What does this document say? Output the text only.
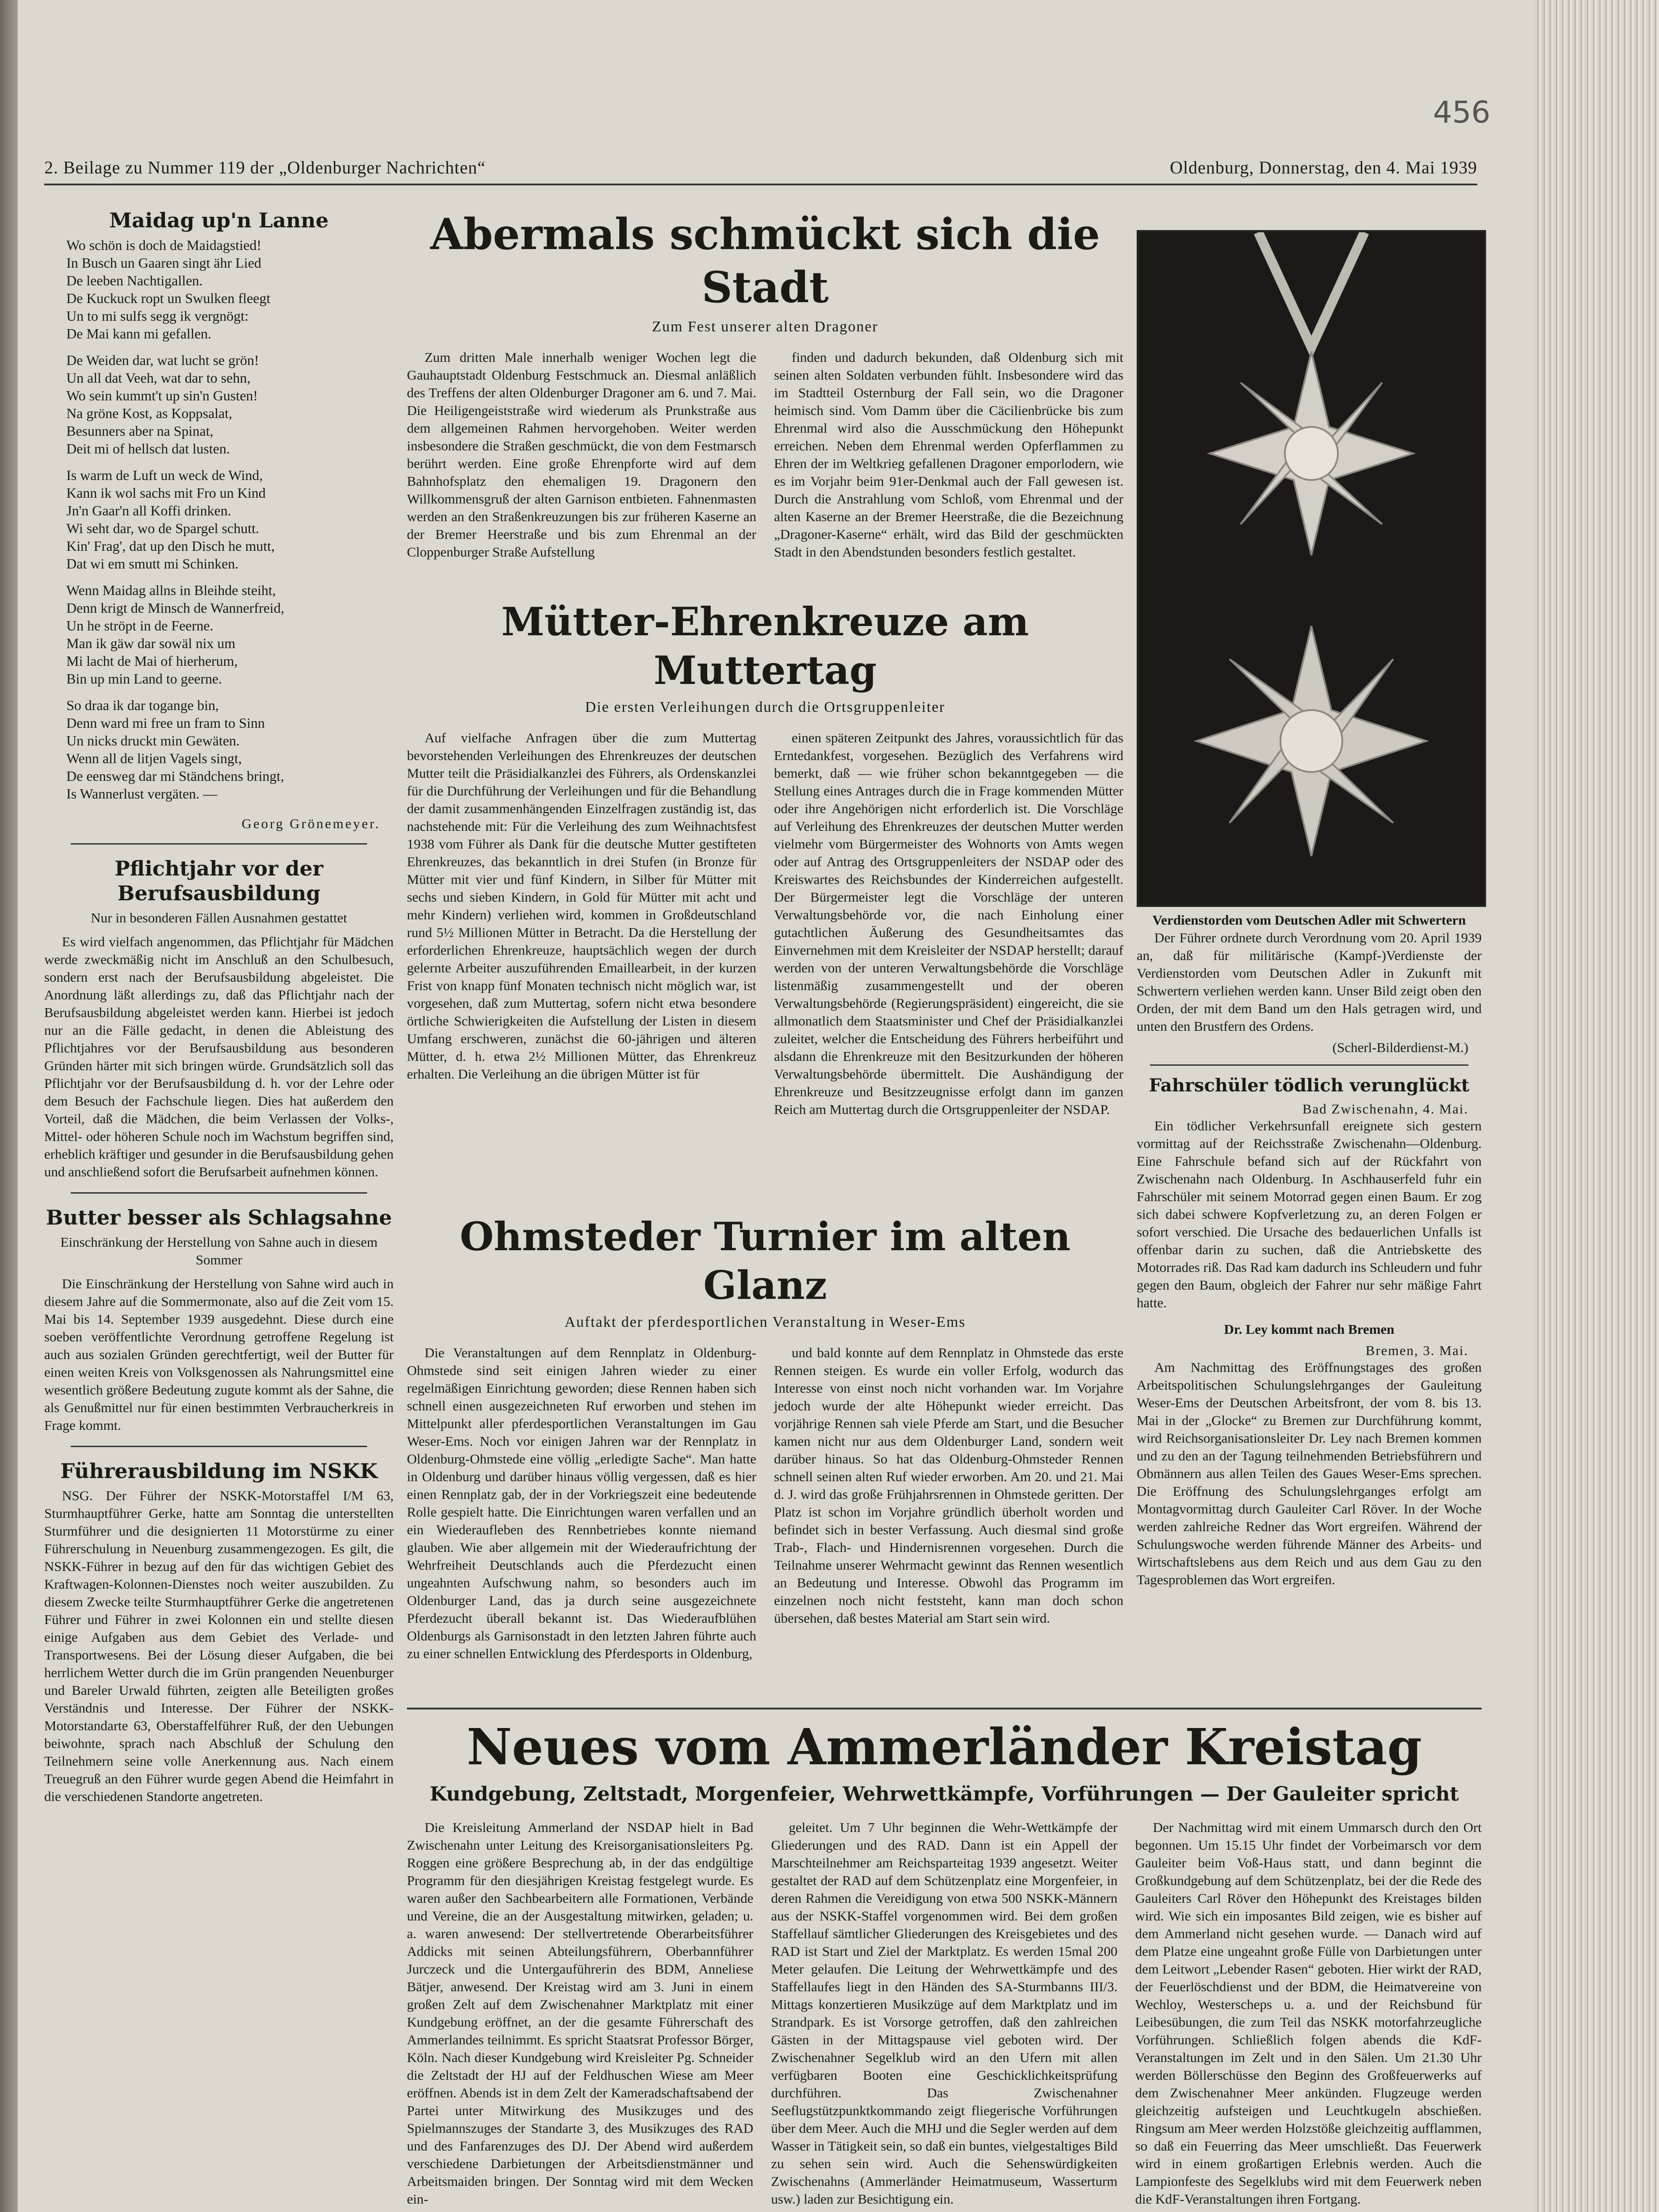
456
2. Beilage zu Nummer 119 der „Oldenburger Nachrichten“	Oldenburg, Donnerstag, den 4. Mai 1939

Maidag up'n Lanne

Wo schön is doch de Maidagstied!

In Busch un Gaaren singt ähr Lied

De leeben Nachtigallen.

De Kuckuck ropt un Swulken fleegt

Un to mi sulfs segg ik vergnögt:

De Mai kann mi gefallen.

De Weiden dar, wat lucht se grön!

Un all dat Veeh, wat dar to sehn,

Wo sein kummt't up sin'n Gusten!

Na gröne Kost, as Koppsalat,

Besunners aber na Spinat,

Deit mi of hellsch dat lusten.

Is warm de Luft un weck de Wind,

Kann ik wol sachs mit Fro un Kind

Jn'n Gaar'n all Koffi drinken.

Wi seht dar, wo de Spargel schutt.

Kin' Frag', dat up den Disch he mutt,

Dat wi em smutt mi Schinken.

Wenn Maidag allns in Bleihde steiht,

Denn krigt de Minsch de Wannerfreid,

Un he ströpt in de Feerne.

Man ik gäw dar sowäl nix um

Mi lacht de Mai of hierherum,

Bin up min Land to geerne.

So draa ik dar togange bin,

Denn ward mi free un fram to Sinn

Un nicks druckt min Gewäten.

Wenn all de litjen Vagels singt,

De eensweg dar mi Ständchens bringt,

Is Wannerlust vergäten. —

Georg Grönemeyer.

Pflichtjahr vor der Berufsausbildung

Nur in besonderen Fällen Ausnahmen gestattet

Es wird vielfach angenommen, das Pflichtjahr für Mädchen werde zweckmäßig nicht im Anschluß an den Schulbesuch, sondern erst nach der Berufsausbildung abgeleistet. Die Anordnung läßt allerdings zu, daß das Pflichtjahr nach der Berufsausbildung abgeleistet werden kann. Hierbei ist jedoch nur an die Fälle gedacht, in denen die Ableistung des Pflichtjahres vor der Berufsausbildung aus besonderen Gründen härter mit sich bringen würde. Grundsätzlich soll das Pflichtjahr vor der Berufsausbildung d. h. vor der Lehre oder dem Besuch der Fachschule liegen. Dies hat außerdem den Vorteil, daß die Mädchen, die beim Verlassen der Volks-, Mittel- oder höheren Schule noch im Wachstum begriffen sind, erheblich kräftiger und gesunder in die Berufsausbildung gehen und anschließend sofort die Berufsarbeit aufnehmen können.

Butter besser als Schlagsahne

Einschränkung der Herstellung von Sahne auch in diesem Sommer

Die Einschränkung der Herstellung von Sahne wird auch in diesem Jahre auf die Sommermonate, also auf die Zeit vom 15. Mai bis 14. September 1939 ausgedehnt. Diese durch eine soeben veröffentlichte Verordnung getroffene Regelung ist auch aus sozialen Gründen gerechtfertigt, weil der Butter für einen weiten Kreis von Volksgenossen als Nahrungsmittel eine wesentlich größere Bedeutung zugute kommt als der Sahne, die als Genußmittel nur für einen bestimmten Verbraucherkreis in Frage kommt.

Führerausbildung im NSKK

NSG. Der Führer der NSKK-Motorstaffel I/M 63, Sturmhauptführer Gerke, hatte am Sonntag die unterstellten Sturmführer und die designierten 11 Motorstürme zu einer Führerschulung in Neuenburg zusammengezogen. Es gilt, die NSKK-Führer in bezug auf den für das wichtigen Gebiet des Kraftwagen-Kolonnen-Dienstes noch weiter auszubilden. Zu diesem Zwecke teilte Sturmhauptführer Gerke die angetretenen Führer und Führer in zwei Kolonnen ein und stellte diesen einige Aufgaben aus dem Gebiet des Verlade- und Transportwesens. Bei der Lösung dieser Aufgaben, die bei herrlichem Wetter durch die im Grün prangenden Neuenburger und Bareler Urwald führten, zeigten alle Beteiligten großes Verständnis und Interesse. Der Führer der NSKK-Motorstandarte 63, Oberstaffelführer Ruß, der den Uebungen beiwohnte, sprach nach Abschluß der Schulung den Teilnehmern seine volle Anerkennung aus. Nach einem Treuegruß an den Führer wurde gegen Abend die Heimfahrt in die verschiedenen Standorte angetreten.

Abermals schmückt sich die Stadt

Zum Fest unserer alten Dragoner

Zum dritten Male innerhalb weniger Wochen legt die Gauhauptstadt Oldenburg Festschmuck an. Diesmal anläßlich des Treffens der alten Oldenburger Dragoner am 6. und 7. Mai. Die Heiligengeiststraße wird wiederum als Prunkstraße aus dem allgemeinen Rahmen hervorgehoben. Weiter werden insbesondere die Straßen geschmückt, die von dem Festmarsch berührt werden. Eine große Ehrenpforte wird auf dem Bahnhofsplatz den ehemaligen 19. Dragonern den Willkommensgruß der alten Garnison entbieten. Fahnenmasten werden an den Straßenkreuzungen bis zur früheren Kaserne an der Bremer Heerstraße und bis zum Ehrenmal an der Cloppenburger Straße Aufstellung

finden und dadurch bekunden, daß Oldenburg sich mit seinen alten Soldaten verbunden fühlt. Insbesondere wird das im Stadtteil Osternburg der Fall sein, wo die Dragoner heimisch sind. Vom Damm über die Cäcilienbrücke bis zum Ehrenmal wird also die Ausschmückung den Höhepunkt erreichen. Neben dem Ehrenmal werden Opferflammen zu Ehren der im Weltkrieg gefallenen Dragoner emporlodern, wie es im Vorjahr beim 91er-Denkmal auch der Fall gewesen ist. Durch die Anstrahlung vom Schloß, vom Ehrenmal und der alten Kaserne an der Bremer Heerstraße, die die Bezeichnung „Dragoner-Kaserne“ erhält, wird das Bild der geschmückten Stadt in den Abendstunden besonders festlich gestaltet.

Mütter-Ehrenkreuze am Muttertag

Die ersten Verleihungen durch die Ortsgruppenleiter

Auf vielfache Anfragen über die zum Muttertag bevorstehenden Verleihungen des Ehrenkreuzes der deutschen Mutter teilt die Präsidialkanzlei des Führers, als Ordenskanzlei für die Durchführung der Verleihungen und für die Behandlung der damit zusammenhängenden Einzelfragen zuständig ist, das nachstehende mit: Für die Verleihung des zum Weihnachtsfest 1938 vom Führer als Dank für die deutsche Mutter gestifteten Ehrenkreuzes, das bekanntlich in drei Stufen (in Bronze für Mütter mit vier und fünf Kindern, in Silber für Mütter mit sechs und sieben Kindern, in Gold für Mütter mit acht und mehr Kindern) verliehen wird, kommen in Großdeutschland rund 5½ Millionen Mütter in Betracht. Da die Herstellung der erforderlichen Ehrenkreuze, hauptsächlich wegen der durch gelernte Arbeiter auszuführenden Emaillearbeit, in der kurzen Frist von knapp fünf Monaten technisch nicht möglich war, ist vorgesehen, daß zum Muttertag, sofern nicht etwa besondere örtliche Schwierigkeiten die Aufstellung der Listen in diesem Umfang erschweren, zunächst die 60-jährigen und älteren Mütter, d. h. etwa 2½ Millionen Mütter, das Ehrenkreuz erhalten. Die Verleihung an die übrigen Mütter ist für

einen späteren Zeitpunkt des Jahres, voraussichtlich für das Erntedankfest, vorgesehen. Bezüglich des Verfahrens wird bemerkt, daß — wie früher schon bekanntgegeben — die Stellung eines Antrages durch die in Frage kommenden Mütter oder ihre Angehörigen nicht erforderlich ist. Die Vorschläge auf Verleihung des Ehrenkreuzes der deutschen Mutter werden vielmehr vom Bürgermeister des Wohnorts von Amts wegen oder auf Antrag des Ortsgruppenleiters der NSDAP oder des Kreiswartes des Reichsbundes der Kinderreichen aufgestellt. Der Bürgermeister legt die Vorschläge der unteren Verwaltungsbehörde vor, die nach Einholung einer gutachtlichen Äußerung des Gesundheitsamtes das Einvernehmen mit dem Kreisleiter der NSDAP herstellt; darauf werden von der unteren Verwaltungsbehörde die Vorschläge listenmäßig zusammengestellt und der oberen Verwaltungsbehörde (Regierungspräsident) eingereicht, die sie allmonatlich dem Staatsminister und Chef der Präsidialkanzlei zuleitet, welcher die Entscheidung des Führers herbeiführt und alsdann die Ehrenkreuze mit den Besitzurkunden der höheren Verwaltungsbehörde übermittelt. Die Aushändigung der Ehrenkreuze und Besitzzeugnisse erfolgt dann im ganzen Reich am Muttertag durch die Ortsgruppenleiter der NSDAP.

Ohmsteder Turnier im alten Glanz

Auftakt der pferdesportlichen Veranstaltung in Weser-Ems

Die Veranstaltungen auf dem Rennplatz in Oldenburg-Ohmstede sind seit einigen Jahren wieder zu einer regelmäßigen Einrichtung geworden; diese Rennen haben sich schnell einen ausgezeichneten Ruf erworben und stehen im Mittelpunkt aller pferdesportlichen Veranstaltungen im Gau Weser-Ems. Noch vor einigen Jahren war der Rennplatz in Oldenburg-Ohmstede eine völlig „erledigte Sache“. Man hatte in Oldenburg und darüber hinaus völlig vergessen, daß es hier einen Rennplatz gab, der in der Vorkriegszeit eine bedeutende Rolle gespielt hatte. Die Einrichtungen waren verfallen und an ein Wiederaufleben des Rennbetriebes konnte niemand glauben. Wie aber allgemein mit der Wiederaufrichtung der Wehrfreiheit Deutschlands auch die Pferdezucht einen ungeahnten Aufschwung nahm, so besonders auch im Oldenburger Land, das ja durch seine ausgezeichnete Pferdezucht überall bekannt ist. Das Wiederaufblühen Oldenburgs als Garnisonstadt in den letzten Jahren führte auch zu einer schnellen Entwicklung des Pferdesports in Oldenburg,

und bald konnte auf dem Rennplatz in Ohmstede das erste Rennen steigen. Es wurde ein voller Erfolg, wodurch das Interesse von einst noch nicht vorhanden war. Im Vorjahre jedoch wurde der alte Höhepunkt wieder erreicht. Das vorjährige Rennen sah viele Pferde am Start, und die Besucher kamen nicht nur aus dem Oldenburger Land, sondern weit darüber hinaus. So hat das Oldenburg-Ohmsteder Rennen schnell seinen alten Ruf wieder erworben. Am 20. und 21. Mai d. J. wird das große Frühjahrsrennen in Ohmstede geritten. Der Platz ist schon im Vorjahre gründlich überholt worden und befindet sich in bester Verfassung. Auch diesmal sind große Trab-, Flach- und Hindernisrennen vorgesehen. Durch die Teilnahme unserer Wehrmacht gewinnt das Rennen wesentlich an Bedeutung und Interesse. Obwohl das Programm im einzelnen noch nicht feststeht, kann man doch schon übersehen, daß bestes Material am Start sein wird.

Verdienstorden vom Deutschen Adler mit Schwertern

Der Führer ordnete durch Verordnung vom 20. April 1939 an, daß für militärische (Kampf-)Verdienste der Verdienstorden vom Deutschen Adler in Zukunft mit Schwertern verliehen werden kann. Unser Bild zeigt oben den Orden, der mit dem Band um den Hals getragen wird, und unten den Brustfern des Ordens.

(Scherl-Bilderdienst-M.)

Fahrschüler tödlich verunglückt

Bad Zwischenahn, 4. Mai.

Ein tödlicher Verkehrsunfall ereignete sich gestern vormittag auf der Reichsstraße Zwischenahn—Oldenburg. Eine Fahrschule befand sich auf der Rückfahrt von Zwischenahn nach Oldenburg. In Aschhauserfeld fuhr ein Fahrschüler mit seinem Motorrad gegen einen Baum. Er zog sich dabei schwere Kopfverletzung zu, an deren Folgen er sofort verschied. Die Ursache des bedauerlichen Unfalls ist offenbar darin zu suchen, daß die Antriebskette des Motorrades riß. Das Rad kam dadurch ins Schleudern und fuhr gegen den Baum, obgleich der Fahrer nur sehr mäßige Fahrt hatte.

Dr. Ley kommt nach Bremen

Bremen, 3. Mai.

Am Nachmittag des Eröffnungstages des großen Arbeitspolitischen Schulungslehrganges der Gauleitung Weser-Ems der Deutschen Arbeitsfront, der vom 8. bis 13. Mai in der „Glocke“ zu Bremen zur Durchführung kommt, wird Reichsorganisationsleiter Dr. Ley nach Bremen kommen und zu den an der Tagung teilnehmenden Betriebsführern und Obmännern aus allen Teilen des Gaues Weser-Ems sprechen. Die Eröffnung des Schulungslehrganges erfolgt am Montagvormittag durch Gauleiter Carl Röver. In der Woche werden zahlreiche Redner das Wort ergreifen. Während der Schulungswoche werden führende Männer des Arbeits- und Wirtschaftslebens aus dem Reich und aus dem Gau zu den Tagesproblemen das Wort ergreifen.

Neues vom Ammerländer Kreistag

Kundgebung, Zeltstadt, Morgenfeier, Wehrwettkämpfe, Vorführungen — Der Gauleiter spricht

Die Kreisleitung Ammerland der NSDAP hielt in Bad Zwischenahn unter Leitung des Kreisorganisationsleiters Pg. Roggen eine größere Besprechung ab, in der das endgültige Programm für den diesjährigen Kreistag festgelegt wurde. Es waren außer den Sachbearbeitern alle Formationen, Verbände und Vereine, die an der Ausgestaltung mitwirken, geladen; u. a. waren anwesend: Der stellvertretende Oberarbeitsführer Addicks mit seinen Abteilungsführern, Oberbannführer Jurczeck und die Untergauführerin des BDM, Anneliese Bätjer, anwesend. Der Kreistag wird am 3. Juni in einem großen Zelt auf dem Zwischenahner Marktplatz mit einer Kundgebung eröffnet, an der die gesamte Führerschaft des Ammerlandes teilnimmt. Es spricht Staatsrat Professor Börger, Köln. Nach dieser Kundgebung wird Kreisleiter Pg. Schneider die Zeltstadt der HJ auf der Feldhuschen Wiese am Meer eröffnen. Abends ist in dem Zelt der Kameradschaftsabend der Partei unter Mitwirkung des Musikzuges und des Spielmannszuges der Standarte 3, des Musikzuges des RAD und des Fanfarenzuges des DJ. Der Abend wird außerdem verschiedene Darbietungen der Arbeitsdienstmänner und Arbeitsmaiden bringen. Der Sonntag wird mit dem Wecken ein-

geleitet. Um 7 Uhr beginnen die Wehr-Wettkämpfe der Gliederungen und des RAD. Dann ist ein Appell der Marschteilnehmer am Reichsparteitag 1939 angesetzt. Weiter gestaltet der RAD auf dem Schützenplatz eine Morgenfeier, in deren Rahmen die Vereidigung von etwa 500 NSKK-Männern aus der NSKK-Staffel vorgenommen wird. Bei dem großen Staffellauf sämtlicher Gliederungen des Kreisgebietes und des RAD ist Start und Ziel der Marktplatz. Es werden 15mal 200 Meter gelaufen. Die Leitung der Wehrwettkämpfe und des Staffellaufes liegt in den Händen des SA-Sturmbanns III/3. Mittags konzertieren Musikzüge auf dem Marktplatz und im Strandpark. Es ist Vorsorge getroffen, daß den zahlreichen Gästen in der Mittagspause viel geboten wird. Der Zwischenahner Segelklub wird an den Ufern mit allen verfügbaren Booten eine Geschicklichkeitsprüfung durchführen. Das Zwischenahner Seeflugstützpunktkommando zeigt fliegerische Vorführungen über dem Meer. Auch die MHJ und die Segler werden auf dem Wasser in Tätigkeit sein, so daß ein buntes, vielgestaltiges Bild zu sehen sein wird. Auch die Sehenswürdigkeiten Zwischenahns (Ammerländer Heimatmuseum, Wasserturm usw.) laden zur Besichtigung ein.

Der Nachmittag wird mit einem Ummarsch durch den Ort begonnen. Um 15.15 Uhr findet der Vorbeimarsch vor dem Gauleiter beim Voß-Haus statt, und dann beginnt die Großkundgebung auf dem Schützenplatz, bei der die Rede des Gauleiters Carl Röver den Höhepunkt des Kreistages bilden wird. Wie sich ein imposantes Bild zeigen, wie es bisher auf dem Ammerland nicht gesehen wurde. — Danach wird auf dem Platze eine ungeahnt große Fülle von Darbietungen unter dem Leitwort „Lebender Rasen“ geboten. Hier wirkt der RAD, der Feuerlöschdienst und der BDM, die Heimatvereine von Wechloy, Westerscheps u. a. und der Reichsbund für Leibesübungen, die zum Teil das NSKK motorfahrzeugliche Vorführungen. Schließlich folgen abends die KdF-Veranstaltungen im Zelt und in den Sälen. Um 21.30 Uhr werden Böllerschüsse den Beginn des Großfeuerwerks auf dem Zwischenahner Meer ankünden. Flugzeuge werden gleichzeitig aufsteigen und Leuchtkugeln abschießen. Ringsum am Meer werden Holzstöße gleichzeitig aufflammen, so daß ein Feuerring das Meer umschließt. Das Feuerwerk wird in einem großartigen Erlebnis werden. Auch die Lampionfeste des Segelklubs wird mit dem Feuerwerk neben die KdF-Veranstaltungen ihren Fortgang.
